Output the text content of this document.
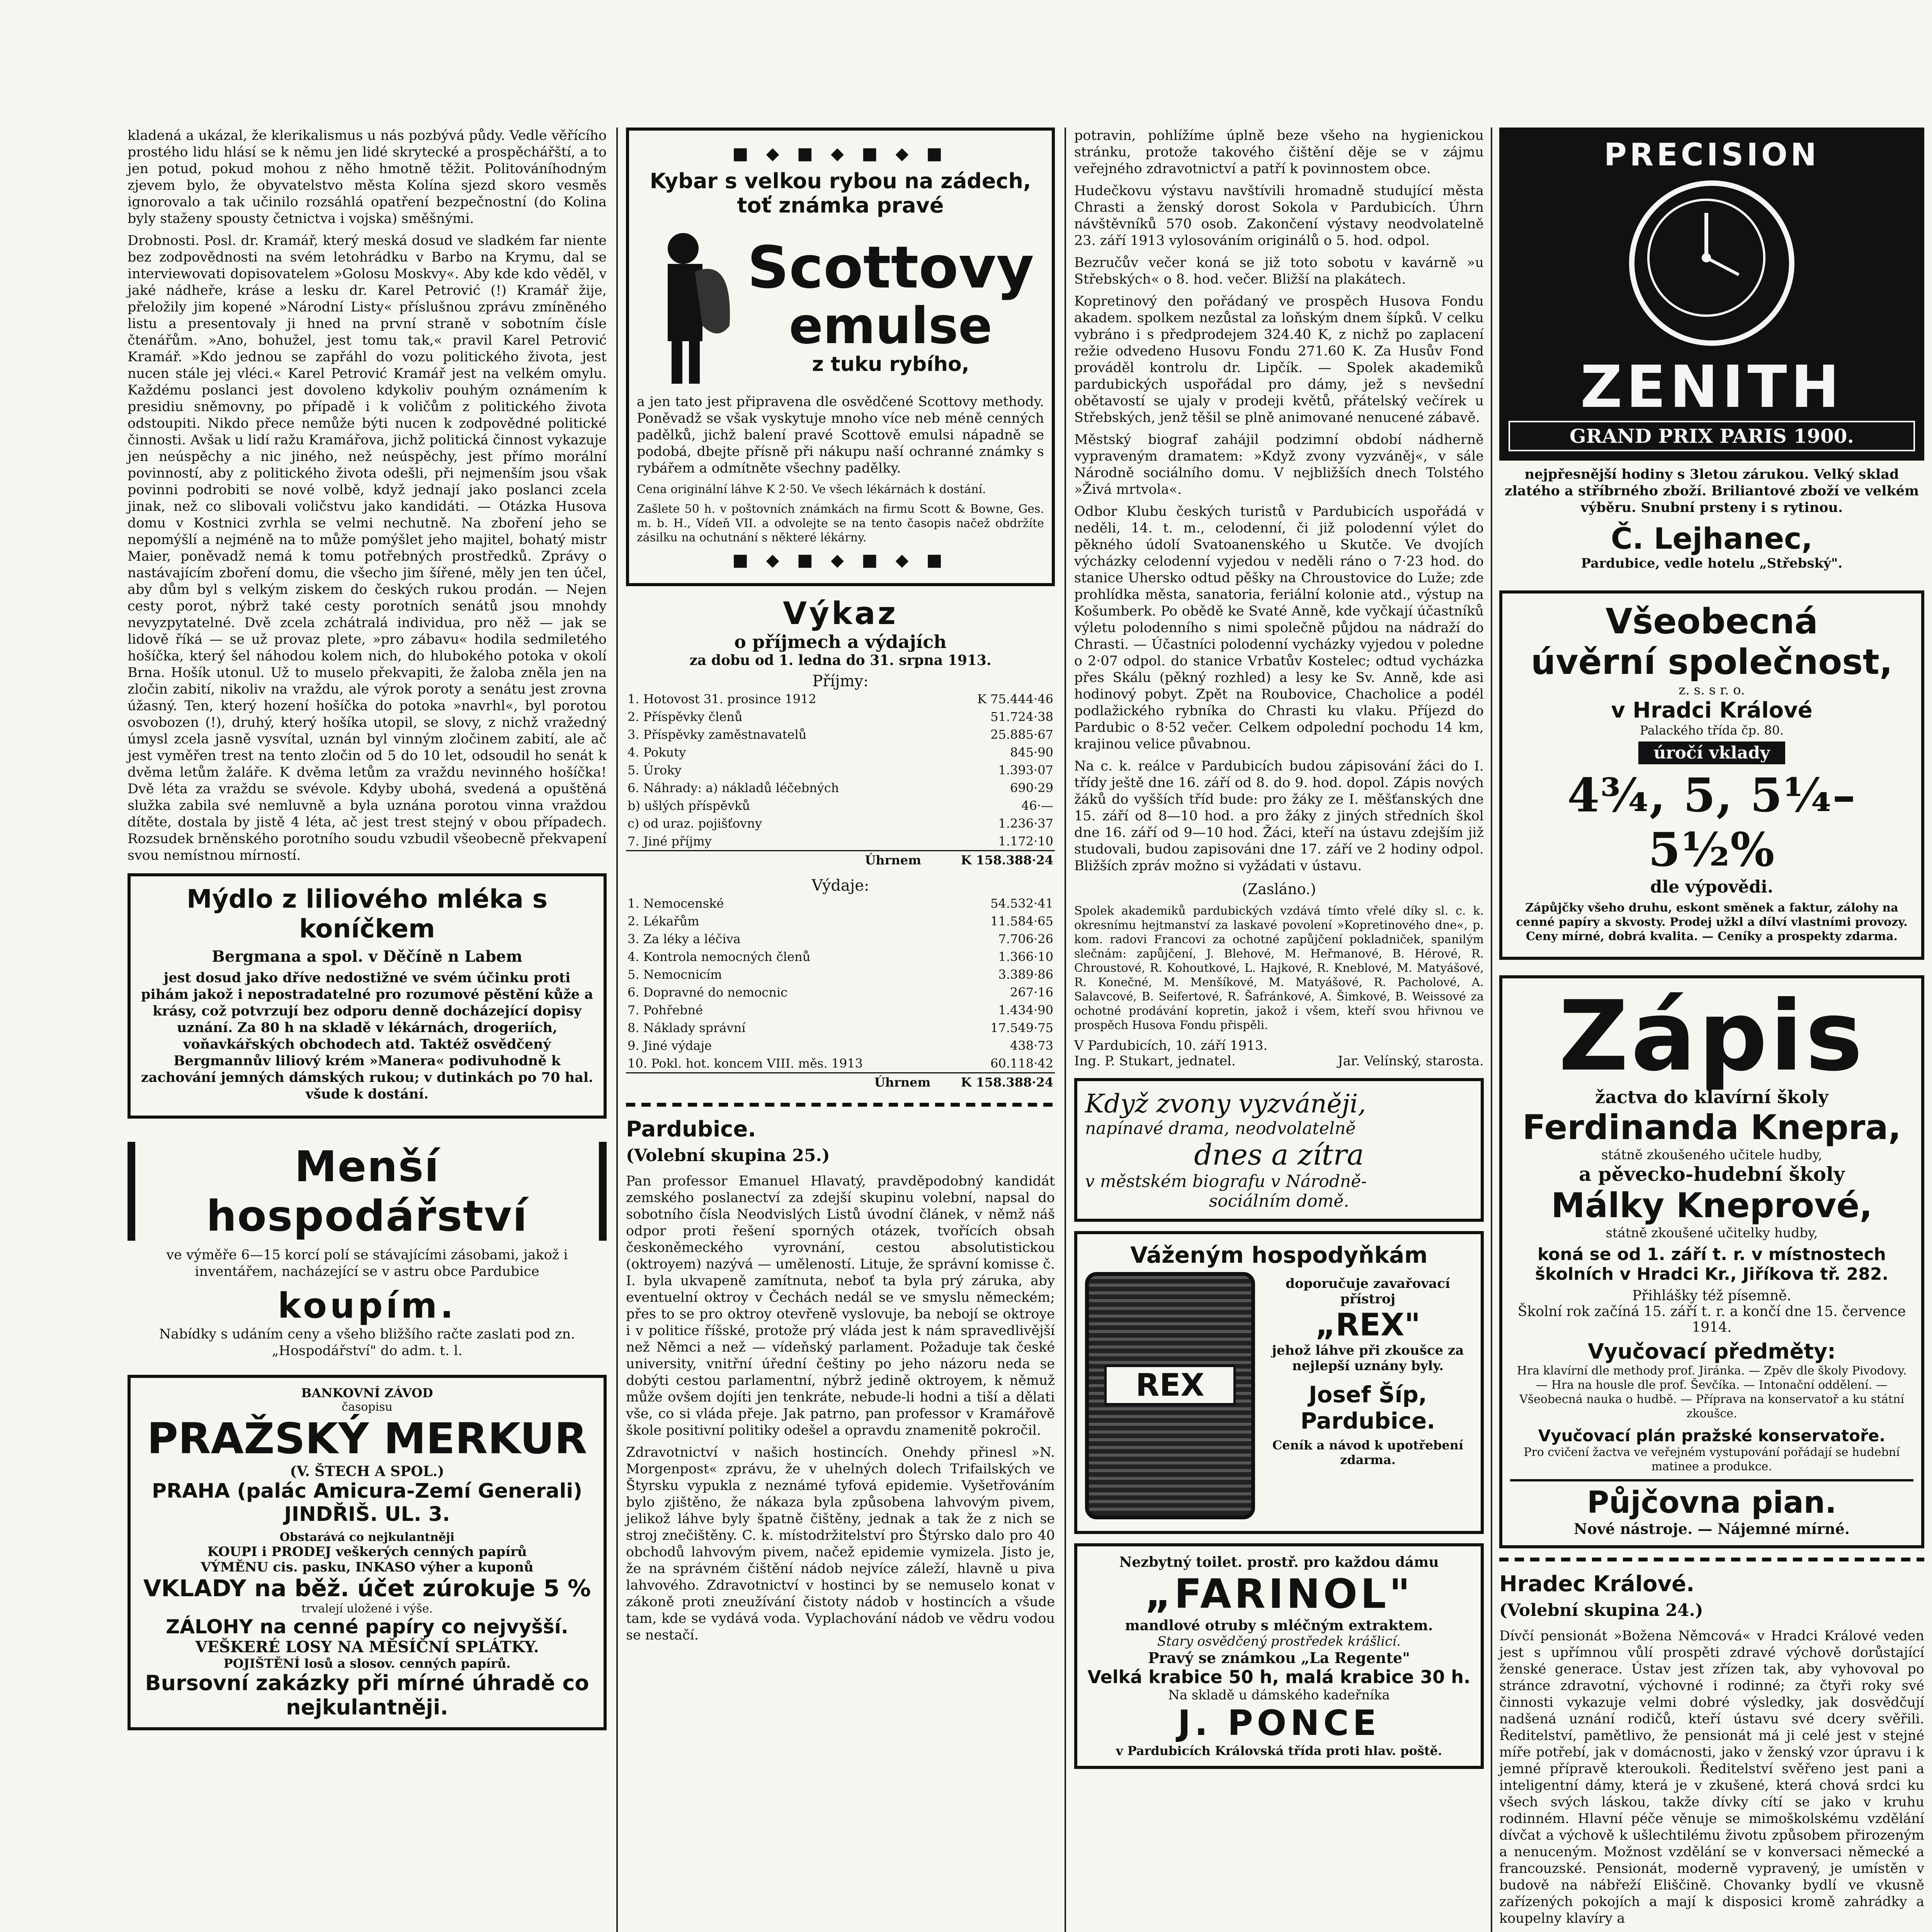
kladená a ukázal, že klerikalismus u nás pozbývá půdy. Vedle věřícího prostého lidu hlásí se k němu jen lidé skrytecké a prospěchářští, a to jen potud, pokud mohou z něho hmotně těžit. Politováníhodným zjevem bylo, že obyvatelstvo města Kolína sjezd skoro vesměs ignorovalo a tak učinilo rozsáhlá opatření bezpečnostní (do Kolina byly staženy spousty četnictva i vojska) směšnými.

Drobnosti. Posl. dr. Kramář, který meská dosud ve sladkém far niente bez zodpovědnosti na svém letohrádku v Barbo na Krymu, dal se interviewovati dopisovatelem »Golosu Moskvy«. Aby kde kdo věděl, v jaké nádheře, kráse a lesku dr. Karel Petrović (!) Kramář žije, přeložily jim kopené »Národní Listy« příslušnou zprávu zmíněného listu a presentovaly ji hned na první straně v sobotním čísle čtenářům. »Ano, bohužel, jest tomu tak,« pravil Karel Petrović Kramář. »Kdo jednou se zapřáhl do vozu politického života, jest nucen stále jej vléci.« Karel Petrović Kramář jest na velkém omylu. Každému poslanci jest dovoleno kdykoliv pouhým oznámením k presidiu sněmovny, po případě i k voličům z politického života odstoupiti. Nikdo přece nemůže býti nucen k zodpovědné politické činnosti. Avšak u lidí ražu Kramářova, jichž politická činnost vykazuje jen neúspěchy a nic jiného, než neúspěchy, jest přímo morální povinností, aby z politického života odešli, při nejmenším jsou však povinni podrobiti se nové volbě, když jednají jako poslanci zcela jinak, než co slibovali voličstvu jako kandidáti. — Otázka Husova domu v Kostnici zvrhla se velmi nechutně. Na zboření jeho se nepomýšlí a nejméně na to může pomýšlet jeho majitel, bohatý mistr Maier, poněvadž nemá k tomu potřebných prostředků. Zprávy o nastávajícím zboření domu, die všecho jim šířené, měly jen ten účel, aby dům byl s velkým ziskem do českých rukou prodán. — Nejen cesty porot, nýbrž také cesty porotních senátů jsou mnohdy nevyzpytatelné. Dvě zcela zchátralá individua, pro něž — jak se lidově říká — se už provaz plete, »pro zábavu« hodila sedmiletého hošíčka, který šel náhodou kolem nich, do hlubokého potoka v okolí Brna. Hošík utonul. Už to muselo překvapiti, že žaloba zněla jen na zločin zabití, nikoliv na vraždu, ale výrok poroty a senátu jest zrovna úžasný. Ten, který hození hošíčka do potoka »navrhl«, byl porotou osvobozen (!), druhý, který hošíka utopil, se slovy, z nichž vražedný úmysl zcela jasně vysvítal, uznán byl vinným zločinem zabití, ale ač jest vyměřen trest na tento zločin od 5 do 10 let, odsoudil ho senát k dvěma letům žaláře. K dvěma letům za vraždu nevinného hošíčka! Dvě léta za vraždu se svévole. Kdyby ubohá, svedená a opuštěná služka zabila své nemluvně a byla uznána porotou vinna vraždou dítěte, dostala by jistě 4 léta, ač jest trest stejný v obou případech. Rozsudek brněnského porotního soudu vzbudil všeobecně překvapení svou nemístnou mírností.

Mýdlo z liliového mléka s koníčkem
Bergmana a spol. v Děčíně n Labem

jest dosud jako dříve nedostižné ve svém účinku proti pihám jakož i nepostradatelné pro rozumové pěstění kůže a krásy, což potvrzují bez odporu denně docházející dopisy uznání. Za 80 h na skladě v lékárnách, drogeriích, voňavkářských obchodech atd. Taktéž osvědčený Bergmannův liliový krém »Manera« podivuhodně k zachování jemných dámských rukou; v dutinkách po 70 hal. všude k dostání.

Menší hospodářství

ve výměře 6—15 korcí polí se stávajícími zásobami, jakož i inventářem, nacházející se v astru obce Pardubice

koupím.

Nabídky s udáním ceny a všeho bližšího račte zaslati pod zn. „Hospodářství" do adm. t. l.

BANKOVNÍ ZÁVOD
časopisu
PRAŽSKÝ MERKUR
(V. ŠTECH A SPOL.)
PRAHA (palác Amicura-Zemí Generali) JINDŘIŠ. UL. 3.
Obstarává co nejkulantněji
KOUPI i PRODEJ veškerých cenných papírů
VÝMĚNU cis. pasku, INKASO výher a kuponů
VKLADY na běž. účet zúrokuje 5 %
trvalejí uložené i výše.
ZÁLOHY na cenné papíry co nejvyšší.
VEŠKERÉ LOSY NA MĚSÍČNÍ SPLÁTKY.
POJIŠTĚNÍ losů a slosov. cenných papírů.
Bursovní zakázky při mírné úhradě co nejkulantněji.
■ ◆ ■ ◆ ■ ◆ ■
Kybar s velkou rybou na zádech, toť známka pravé
Scottovy
emulse
z tuku rybího,

a jen tato jest připravena dle osvědčené Scottovy methody. Poněvadž se však vyskytuje mnoho více neb méně cenných padělků, jichž balení pravé Scottově emulsi nápadně se podobá, dbejte přísně při nákupu naší ochranné známky s rybářem a odmítněte všechny padělky.

Cena originální láhve K 2·50. Ve všech lékárnách k dostání.

Zašlete 50 h. v poštovních známkách na firmu Scott & Bowne, Ges. m. b. H., Vídeň VII. a odvolejte se na tento časopis načež obdržíte zásilku na ochutnání s některé lékárny.

■ ◆ ■ ◆ ■ ◆ ■
Výkaz
o příjmech a výdajích
za dobu od 1. ledna do 31. srpna 1913.
Příjmy:
1. Hotovost 31. prosince 1912	K 75.444·46
2. Příspěvky členů	51.724·38
3. Příspěvky zaměstnavatelů	25.885·67
4. Pokuty	845·90
5. Úroky	1.393·07
6. Náhrady: a) nákladů léčebných	690·29
b) ušlých příspěvků	46·—
c) od uraz. pojišťovny	1.236·37
7. Jiné příjmy	1.172·10
Úhrnem	K 158.388·24
Výdaje:
1. Nemocenské	54.532·41
2. Lékařům	11.584·65
3. Za léky a léčiva	7.706·26
4. Kontrola nemocných členů	1.366·10
5. Nemocnicím	3.389·86
6. Dopravné do nemocnic	267·16
7. Pohřebné	1.434·90
8. Náklady správní	17.549·75
9. Jiné výdaje	438·73
10. Pokl. hot. koncem VIII. měs. 1913	60.118·42
Úhrnem	K 158.388·24
Pardubice.
(Volební skupina 25.)

Pan professor Emanuel Hlavatý, pravděpodobný kandidát zemského poslanectví za zdejší skupinu volební, napsal do sobotního čísla Neodvislých Listů úvodní článek, v němž náš odpor proti řešení sporných otázek, tvořících obsah českoněmeckého vyrovnání, cestou absolutistickou (oktroyem) nazývá — uměleností. Lituje, že správní komisse č. I. byla ukvapeně zamítnuta, neboť ta byla prý záruka, aby eventuelní oktroy v Čechách nedál se ve smyslu německém; přes to se pro oktroy otevřeně vyslovuje, ba nebojí se oktroye i v politice říšské, protože prý vláda jest k nám spravedlivější než Němci a než — vídeňský parlament. Požaduje tak české university, vnitřní úřední češtiny po jeho názoru neda se dobýti cestou parlamentní, nýbrž jedině oktroyem, k němuž může ovšem dojíti jen tenkráte, nebude-li hodni a tiší a dělati vše, co si vláda přeje. Jak patrno, pan professor v Kramářově škole positivní politiky odešel a opravdu znamenitě pokročil.

Zdravotnictví v našich hostincích. Onehdy přinesl »N. Morgenpost« zprávu, že v uhelných dolech Trifailských ve Štyrsku vypukla z neznámé tyfová epidemie. Vyšetřováním bylo zjištěno, že nákaza byla způsobena lahvovým pivem, jelikož láhve byly špatně čištěny, jednak a tak že z nich se stroj znečištěny. C. k. místodržitelství pro Štýrsko dalo pro 40 obchodů lahvovým pivem, načež epidemie vymizela. Jisto je, že na správném čištění nádob nejvíce záleží, hlavně u piva lahvového. Zdravotnictví v hostinci by se nemuselo konat v zákoně proti zneužívání čistoty nádob v hostincích a všude tam, kde se vydává voda. Vyplachování nádob ve vědru vodou se nestačí.

potravin, pohlížíme úplně beze všeho na hygienickou stránku, protože takového čištění děje se v zájmu veřejného zdravotnictví a patří k povinnostem obce.

Hudečkovu výstavu navštívili hromadně studující města Chrasti a ženský dorost Sokola v Pardubicích. Úhrn návštěvníků 570 osob. Zakončení výstavy neodvolatelně 23. září 1913 vylosováním originálů o 5. hod. odpol.

Bezručův večer koná se již toto sobotu v kavárně »u Střebských« o 8. hod. večer. Bližší na plakátech.

Kopretinový den pořádaný ve prospěch Husova Fondu akadem. spolkem nezůstal za loňským dnem šípků. V celku vybráno i s předprodejem 324.40 K, z nichž po zaplacení režie odvedeno Husovu Fondu 271.60 K. Za Husův Fond prováděl kontrolu dr. Lipčík. — Spolek akademiků pardubických uspořádal pro dámy, jež s nevšední obětavostí se ujaly v prodeji květů, přátelský večírek u Střebských, jenž těšil se plně animované nenucené zábavě.

Městský biograf zahájil podzimní období nádherně vypraveným dramatem: »Když zvony vyzváněj«, v sále Národně sociálního domu. V nejbližších dnech Tolstého »Živá mrtvola«.

Odbor Klubu českých turistů v Pardubicích uspořádá v neděli, 14. t. m., celodenní, či již polodenní výlet do pěkného údolí Svatoanenského u Skutče. Ve dvojích výcházky celodenní vyjedou v neděli ráno o 7·23 hod. do stanice Uhersko odtud pěšky na Chroustovice do Luže; zde prohlídka města, sanatoria, feriální kolonie atd., výstup na Košumberk. Po obědě ke Svaté Anně, kde vyčkají účastníků výletu polodenního s nimi společně půjdou na nádraží do Chrasti. — Účastníci polodenní vycházky vyjedou v poledne o 2·07 odpol. do stanice Vrbatův Kostelec; odtud vycházka přes Skálu (pěkný rozhled) a lesy ke Sv. Anně, kde asi hodinový pobyt. Zpět na Roubovice, Chacholice a podél podlažického rybníka do Chrasti ku vlaku. Příjezd do Pardubic o 8·52 večer. Celkem odpolední pochodu 14 km, krajinou velice půvabnou.

Na c. k. reálce v Pardubicích budou zápisování žáci do I. třídy ještě dne 16. září od 8. do 9. hod. dopol. Zápis nových žáků do vyšších tříd bude: pro žáky ze I. měšťanských dne 15. září od 8—10 hod. a pro žáky z jiných středních škol dne 16. září od 9—10 hod. Žáci, kteří na ústavu zdejším již studovali, budou zapisováni dne 17. září ve 2 hodiny odpol. Bližších zpráv možno si vyžádati v ústavu.

(Zasláno.)

Spolek akademiků pardubických vzdává tímto vřelé díky sl. c. k. okresnímu hejtmanství za laskavé povolení »Kopretinového dne«, p. kom. radovi Francovi za ochotné zapůjčení pokladniček, spanilým slečnám: zapůjčení, J. Blehové, M. Heřmanové, B. Hérové, R. Chroustové, R. Kohoutkové, L. Hajkové, R. Kneblové, M. Matyášové, R. Konečné, M. Menšíkové, M. Matyášové, R. Pacholové, A. Salavcové, B. Seifertové, R. Šafránkové, A. Šimkové, B. Weissové za ochotné prodávání kopretin, jakož i všem, kteří svou hřivnou ve prospěch Husova Fondu přispěli.

V Pardubicích, 10. září 1913.
Ing. P. Stukart, jednatel.	Jar. Velínský, starosta.
Když zvony vyzváněji,
napínavé drama, neodvolatelně
dnes a zítra
v městském biografu v Národně-
sociálním domě.
Váženým hospodyňkám
REX
doporučuje zavařovací přístroj
„REX"
jehož láhve při zkoušce za nejlepší uznány byly.
Josef Šíp, Pardubice.
Ceník a návod k upotřebení zdarma.
Nezbytný toilet. prostř. pro každou dámu
„FARINOL"
mandlové otruby s mléčným extraktem.
Stary osvědčený prostředek krášlicí.
Pravý se známkou „La Regente"
Velká krabice 50 h, malá krabice 30 h.
Na skladě u dámského kadeřníka
J. PONCE
v Pardubicích Královská třída proti hlav. poště.
PRECISION
ZENITH
GRAND PRIX PARIS 1900.

nejpřesnější hodiny s 3letou zárukou. Velký sklad zlatého a stříbrného zboží. Briliantové zboží ve velkém výběru. Snubní prsteny i s rytinou.

Č. Lejhanec,
Pardubice, vedle hotelu „Střebský".
Všeobecná
úvěrní společnost,
z. s. s r. o.
v Hradci Králové
Palackého třída čp. 80.
úročí vklady
4¾, 5, 5¼–5½%
dle výpovědi.

Zápůjčky všeho druhu, eskont směnek a faktur, zálohy na cenné papíry a skvosty. Prodej užkl a dílví vlastními provozy. Ceny mírné, dobrá kvalita. — Ceníky a prospekty zdarma.

Zápis
žactva do klavírní školy
Ferdinanda Knepra,
státně zkoušeného učitele hudby,
a pěvecko-hudební školy
Málky Kneprové,
státně zkoušené učitelky hudby,
koná se od 1. září t. r. v místnostech školních v Hradci Kr., Jiříkova tř. 282.
Přihlášky též písemně.
Školní rok začíná 15. září t. r. a končí dne 15. července 1914.
Vyučovací předměty:

Hra klavírní dle methody prof. Jiránka. — Zpěv dle školy Pivodovy. — Hra na housle dle prof. Ševčíka. — Intonační oddělení. — Všeobecná nauka o hudbě. — Příprava na konservatoř a ku státní zkoušce.

Vyučovací plán pražské konservatoře.

Pro cvičení žactva ve veřejném vystupování pořádají se hudební matinee a produkce.

Půjčovna pian.
Nové nástroje. — Nájemné mírné.
Hradec Králové.
(Volební skupina 24.)

Dívčí pensionát »Božena Němcová« v Hradci Králové veden jest s upřímnou vůlí prospěti zdravé výchově dorůstající ženské generace. Ústav jest zřízen tak, aby vyhovoval po stránce zdravotní, výchovné i rodinné; za čtyři roky své činnosti vykazuje velmi dobré výsledky, jak dosvědčují nadšená uznání rodičů, kteří ústavu své dcery svěřili. Ředitelství, pamětlivo, že pensionát má ji celé jest v stejné míře potřebí, jak v domácnosti, jako v ženský vzor úpravu i k jemné přípravě kteroukoli. Ředitelství svěřeno jest pani a inteligentní dámy, která je v zkušené, která chová srdci ku všech svých láskou, takže dívky cítí se jako v kruhu rodinném. Hlavní péče věnuje se mimoškolskému vzdělání dívčat a výchově k ušlechtilému životu způsobem přirozeným a nenuceným. Možnost vzdělání se v konversaci německé a francouzské. Pensionát, moderně vypravený, je umístěn v budově na nábřeží Eliščině. Chovanky bydlí ve vkusně zařízených pokojích a mají k disposici kromě zahrádky a koupelny klavíry a
